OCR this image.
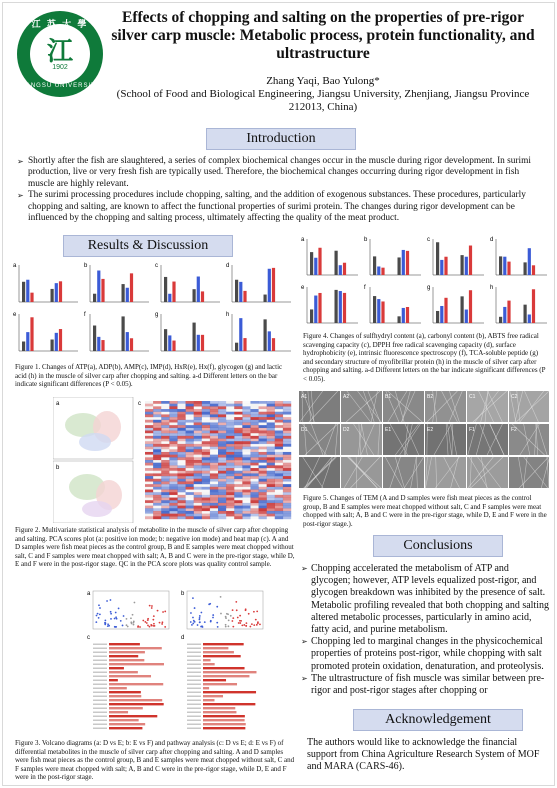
江 苏 大 學
江
1902
JIANGSU UNIVERSITY
Effects of chopping and salting on the properties of pre-rigor
silver carp muscle: Metabolic process, protein functionality, and
ultrastructure
Zhang Yaqi, Bao Yulong*
(School of Food and Biological Engineering, Jiangsu University, Zhenjiang, Jiangsu Province
212013, China)
Introduction

➢ Shortly after the fish are slaughtered, a series of complex biochemical changes occur in the muscle during rigor development. In surimi production, live or very fresh fish are typically used. Therefore, the biochemical changes occurring during rigor development in fish muscle are highly relevant.

➢ The surimi processing procedures include chopping, salting, and the addition of exogenous substances. These procedures, particularly chopping and salting, are known to affect the functional properties of surimi protein. The changes during rigor development can be influenced by the chopping and salting process, ultimately affecting the quality of the meat product.

Results & Discussion
a	b	c	d
e	f	g	h
Figure 1. Changes of ATP(a), ADP(b), AMP(c), IMP(d), HxR(e), Hx(f), glycogen (g) and lactic acid (h) in the muscle of silver carp after chopping and salting. a-d Different letters on the bar indicate significant differences (P < 0.05).
a
b
c
Figure 2. Multivariate statistical analysis of metabolite in the muscle of silver carp after chopping and salting. PCA scores plot (a: positive ion mode; b: negative ion mode) and heat map (c). A and D samples were fish meat pieces as the control group, B and E samples were meat chopped without salt, C and F samples were meat chopped with salt; A, B and C were in the pre-rigor stage, while D, E and F were in the post-rigor stage. QC in the PCA score plots was quality control sample.
a	b
c	d
Figure 3. Volcano diagrams (a: D vs E; b: E vs F) and pathway analysis (c: D vs E; d: E vs F) of differential metabolites in the muscle of silver carp after chopping and salting. A and D samples were fish meat pieces as the control group, B and E samples were meat chopped without salt, C and F samples were meat chopped with salt; A, B and C were in the pre-rigor stage, while D, E and F were in the post-rigor stage.
a	b	c	d
e	f	g	h
Figure 4. Changes of sulfhydryl content (a), carbonyl content (b), ABTS free radical scavenging capacity (c), DPPH free radical scavenging capacity (d), surface hydrophobicity (e), intrinsic fluorescence spectroscopy (f), TCA-soluble peptide (g) and secondary structure of myofibrillar protein (h) in the muscle of silver carp after chopping and salting. a-d Different letters on the bar indicate significant differences (P < 0.05).
A1	A2	B1	B2	C1	C2
D1	D2	E1	E2	F1	F2
Figure 5. Changes of TEM (A and D samples were fish meat pieces as the control group, B and E samples were meat chopped without salt, C and F samples were meat chopped with salt; A, B and C were in the pre-rigor stage, while D, E and F were in the post-rigor stage.).
Conclusions

➢ Chopping accelerated the metabolism of ATP and glycogen; however, ATP levels equalized post-rigor, and glycogen breakdown was inhibited by the presence of salt. Metabolic profiling revealed that both chopping and salting altered metabolic processes, particularly in amino acid, fatty acid, and purine metabolism.

➢ Chopping led to marginal changes in the physicochemical properties of proteins post-rigor, while chopping with salt promoted protein oxidation, denaturation, and proteolysis.

➢ The ultrastructure of fish muscle was similar between pre-rigor and post-rigor stages after chopping or

Acknowledgement
The authors would like to acknowledge the financial support from China Agriculture Research System of MOF and MARA (CARS-46).
